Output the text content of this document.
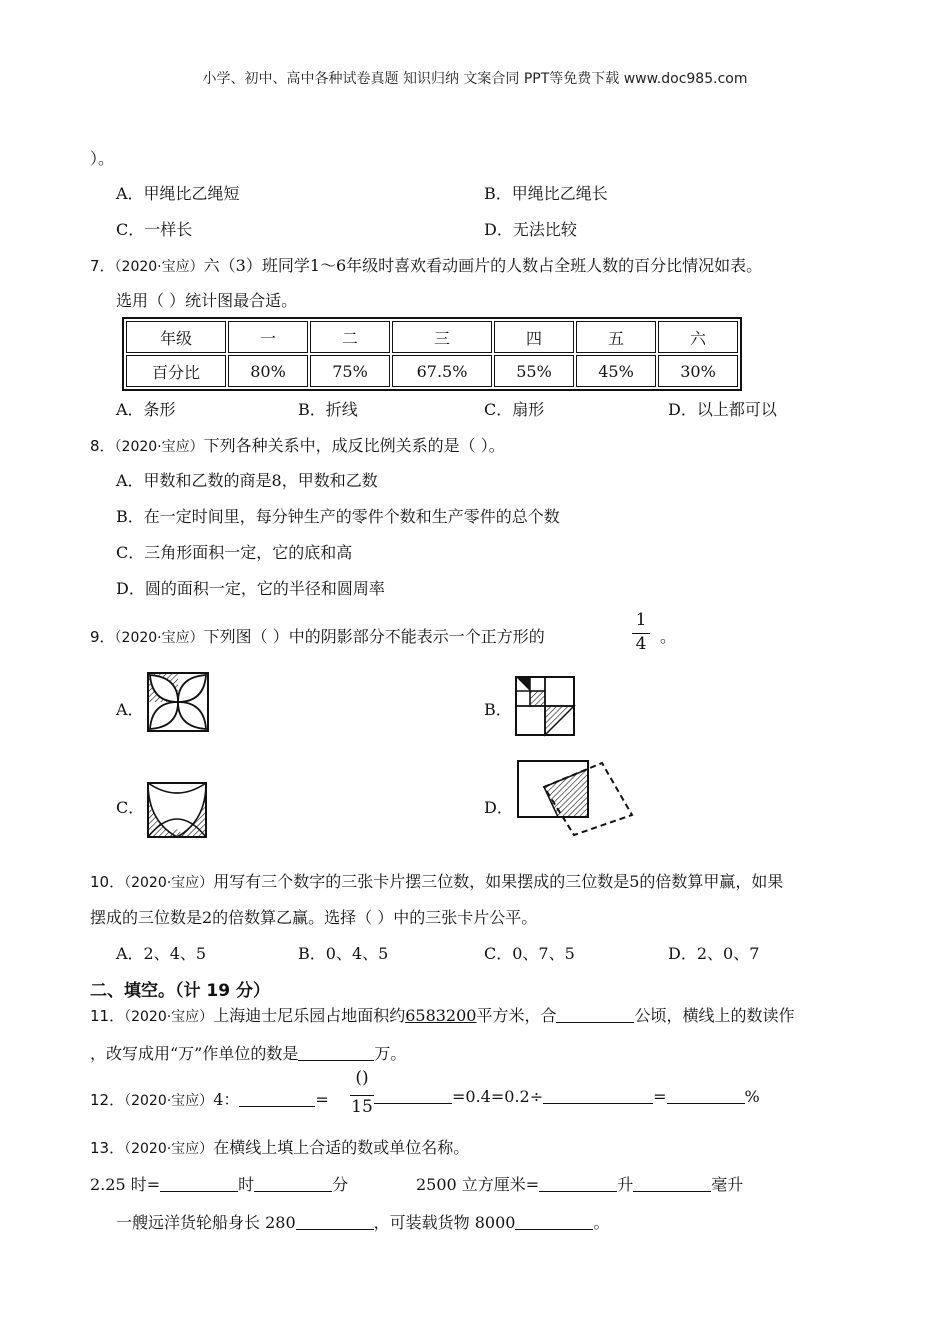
小学、初中、高中各种试卷真题 知识归纳 文案合同 PPT等免费下载 www.doc985.com
）。
A．甲绳比乙绳短	B．甲绳比乙绳长
C．一样长	D．无法比较
7．（2020·宝应）六（3）班同学1～6年级时喜欢看动画片的人数占全班人数的百分比情况如表。
选用（ ）统计图最合适。
年级	一	二	三	四	五	六
百分比	80%	75%	67.5%	55%	45%	30%
A．条形	B．折线	C．扇形	D．以上都可以
8．（2020·宝应）下列各种关系中，成反比例关系的是（ ）。
A．甲数和乙数的商是8，甲数和乙数
B．在一定时间里，每分钟生产的零件个数和生产零件的总个数
C．三角形面积一定，它的底和高
D．圆的面积一定，它的半径和圆周率
9．（2020·宝应）下列图（ ）中的阴影部分不能表示一个正方形的
1
4 。
A．	B．
C．	D．
10．（2020·宝应）用写有三个数字的三张卡片摆三位数，如果摆成的三位数是5的倍数算甲赢，如果
摆成的三位数是2的倍数算乙赢。选择（ ）中的三张卡片公平。
A．2、4、5	B．0、4、5	C．0、7、5	D．2、0、7
二、填空。（计 19 分）
11．（2020·宝应）上海迪士尼乐园占地面积约6583200平方米，合	公顷，横线上的数读作
，改写成用“万”作单位的数是	万。
12．（2020·宝应）4：	=
()
15
=0.4=0.2÷	=	%
13．（2020·宝应）在横线上填上合适的数或单位名称。
2.25 时=	时	分	2500 立方厘米=	升	毫升
一艘远洋货轮船身长 280	，可装载货物 8000	。
